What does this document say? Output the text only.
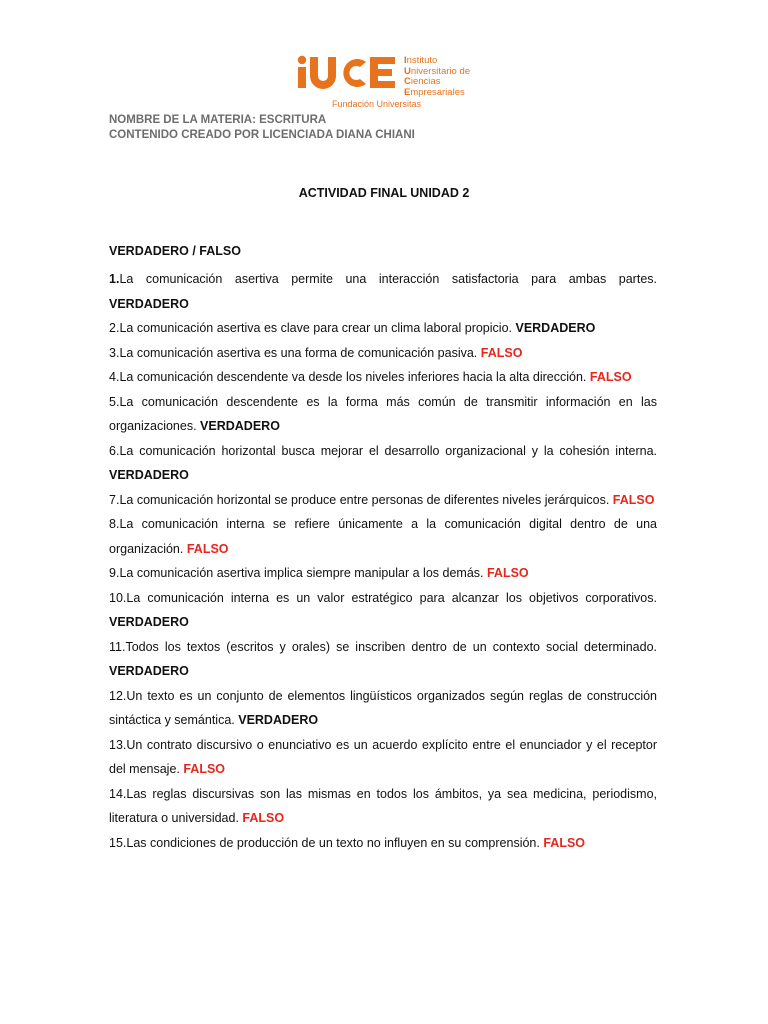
Instituto
Universitario de
Ciencias
Empresariales
Fundación Universitas
NOMBRE DE LA MATERIA: ESCRITURA
CONTENIDO CREADO POR LICENCIADA DIANA CHIANI
ACTIVIDAD FINAL UNIDAD 2
VERDADERO / FALSO
1.La comunicación asertiva permite una interacción satisfactoria para ambas partes. VERDADERO
2.La comunicación asertiva es clave para crear un clima laboral propicio. VERDADERO
3.La comunicación asertiva es una forma de comunicación pasiva. FALSO
4.La comunicación descendente va desde los niveles inferiores hacia la alta dirección. FALSO
5.La comunicación descendente es la forma más común de transmitir información en las organizaciones. VERDADERO
6.La comunicación horizontal busca mejorar el desarrollo organizacional y la cohesión interna. VERDADERO
7.La comunicación horizontal se produce entre personas de diferentes niveles jerárquicos. FALSO
8.La comunicación interna se refiere únicamente a la comunicación digital dentro de una organización. FALSO
9.La comunicación asertiva implica siempre manipular a los demás. FALSO
10.La comunicación interna es un valor estratégico para alcanzar los objetivos corporativos. VERDADERO
11.Todos los textos (escritos y orales) se inscriben dentro de un contexto social determinado. VERDADERO
12.Un texto es un conjunto de elementos lingüísticos organizados según reglas de construcción sintáctica y semántica. VERDADERO
13.Un contrato discursivo o enunciativo es un acuerdo explícito entre el enunciador y el receptor del mensaje. FALSO
14.Las reglas discursivas son las mismas en todos los ámbitos, ya sea medicina, periodismo, literatura o universidad. FALSO
15.Las condiciones de producción de un texto no influyen en su comprensión. FALSO
